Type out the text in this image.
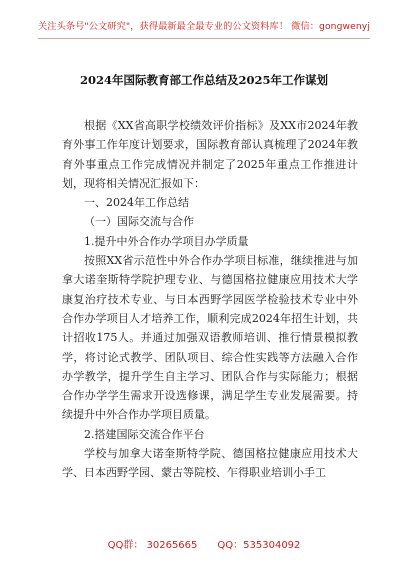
关注头条号"公文研究"，获得最新最全最专业的公文资料库！ 微信：gongwenyj
2024年国际教育部工作总结及2025年工作谋划

根据《XX省高职学校绩效评价指标》及XX市2024年教育外事工作年度计划要求，国际教育部认真梳理了2024年教育外事重点工作完成情况并制定了2025年重点工作推进计划，现将相关情况汇报如下：

一、2024年工作总结

（一）国际交流与合作

1.提升中外合作办学项目办学质量

按照XX省示范性中外合作办学项目标准，继续推进与加拿大诺奎斯特学院护理专业、与德国格拉健康应用技术大学康复治疗技术专业、与日本西野学园医学检验技术专业中外合作办学项目人才培养工作，顺利完成2024年招生计划，共计招收175人。并通过加强双语教师培训、推行情景模拟教学，将讨论式教学、团队项目、综合性实践等方法融入合作办学教学，提升学生自主学习、团队合作与实际能力；根据合作办学学生需求开设选修课，满足学生专业发展需要。持续提升中外合作办学项目质量。

2.搭建国际交流合作平台

学校与加拿大诺奎斯特学院、德国格拉健康应用技术大学、日本西野学园、蒙古等院校、乍得职业培训小手工

QQ群： 30265665 QQ：535304092
